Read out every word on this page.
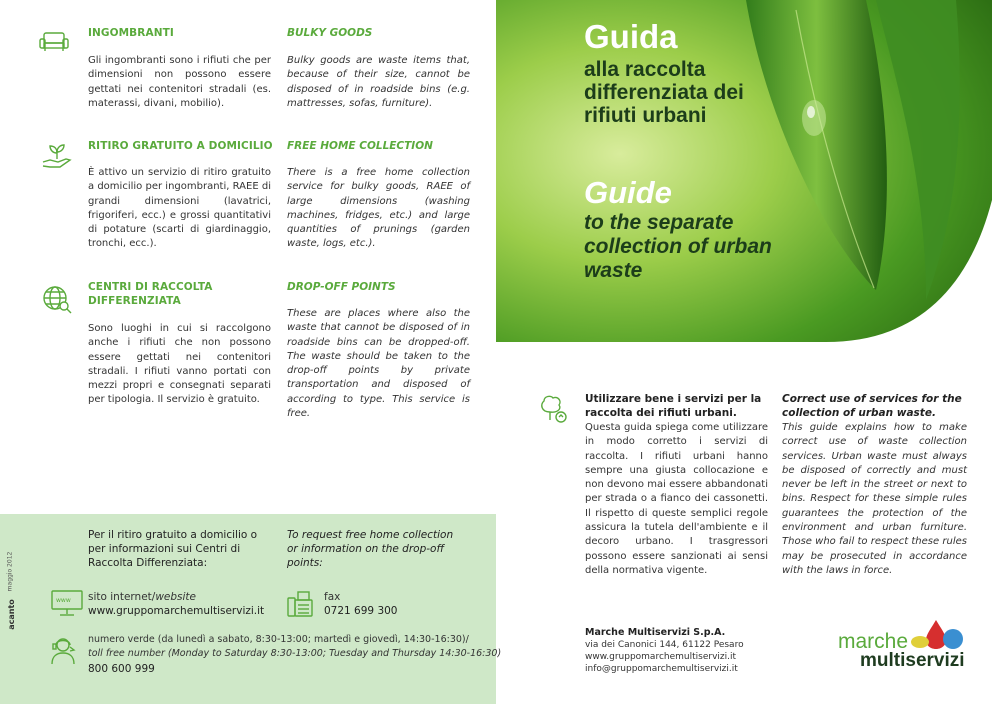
INGOMBRANTI	BULKY GOODS
Gli ingombranti sono i rifiuti che per dimensioni non possono essere gettati nei contenitori stradali (es. materassi, divani, mobilio).
Bulky goods are waste items that, because of their size, cannot be disposed of in roadside bins (e.g. mattresses, sofas, furniture).
RITIRO GRATUITO A DOMICILIO FREE HOME COLLECTION
È attivo un servizio di ritiro gratuito a domicilio per ingombranti, RAEE di grandi dimensioni (lavatrici, frigoriferi, ecc.) e grossi quantitativi di potature (scarti di giardinaggio, tronchi, ecc.).
There is a free home collection service for bulky goods, RAEE of large dimensions (washing machines, fridges, etc.) and large quantities of prunings (garden waste, logs, etc.).
CENTRI DI RACCOLTA DIFFERENZIATA
DROP-OFF POINTS
Sono luoghi in cui si raccolgono anche i rifiuti che non possono essere gettati nei contenitori stradali. I rifiuti vanno portati con mezzi propri e consegnati separati per tipologia. Il servizio è gratuito.
These are places where also the waste that cannot be disposed of in roadside bins can be dropped-off. The waste should be taken to the drop-off points by private transportation and disposed of according to type. This service is free.
acanto
maggio 2012
Per il ritiro gratuito a domicilio o per informazioni sui Centri di Raccolta Differenziata:
To request free home collection or information on the drop-off points:
www sito internet/website
www.gruppomarchemultiservizi.it
fax
0721 699 300
numero verde (da lunedì a sabato, 8:30-13:00; martedì e giovedì, 14:30-16:30)/
toll free number (Monday to Saturday 8:30-13:00; Tuesday and Thursday 14:30-16:30)
800 600 999
Guida
alla raccolta differenziata dei rifiuti urbani
Guide
to the separate collection of urban waste
Utilizzare bene i servizi per la raccolta dei rifiuti urbani.
Questa guida spiega come utilizzare in modo corretto i servizi di raccolta. I rifiuti urbani hanno sempre una giusta collocazione e non devono mai essere abbandonati per strada o a fianco dei cassonetti. Il rispetto di queste semplici regole assicura la tutela dell'ambiente e il decoro urbano. I trasgressori possono essere sanzionati ai sensi della normativa vigente.
Correct use of services for the collection of urban waste.
This guide explains how to make correct use of waste collection services. Urban waste must always be disposed of correctly and must never be left in the street or next to bins. Respect for these simple rules guarantees the protection of the environment and urban furniture. Those who fail to respect these rules may be prosecuted in accordance with the laws in force.
Marche Multiservizi S.p.A.
via dei Canonici 144, 61122 Pesaro
www.gruppomarchemultiservizi.it
info@gruppomarchemultiservizi.it
marche
multiservizi
